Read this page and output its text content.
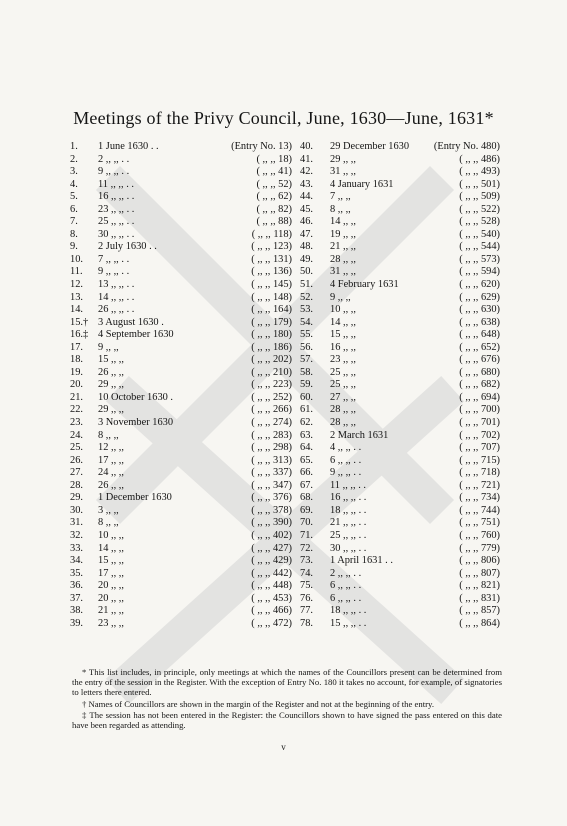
Meetings of the Privy Council, June, 1630—June, 1631*
1. 1 June 1630 . .	(Entry No. 13)
2. 2 ,, ,, . .	( ,, ,, 18)
3. 9 ,, ,, . .	( ,, ,, 41)
4. 11 ,, ,, . .	( ,, ,, 52)
5. 16 ,, ,, . .	( ,, ,, 62)
6. 23 ,, ,, . .	( ,, ,, 82)
7. 25 ,, ,, . .	( ,, ,, 88)
8. 30 ,, ,, . .	( ,, ,, 118)
9. 2 July 1630 . .	( ,, ,, 123)
10. 7 ,, ,, . .	( ,, ,, 131)
11. 9 ,, ,, . .	( ,, ,, 136)
12. 13 ,, ,, . .	( ,, ,, 145)
13. 14 ,, ,, . .	( ,, ,, 148)
14. 26 ,, ,, . .	( ,, ,, 164)
15.† 3 August 1630 .	( ,, ,, 179)
16.‡ 4 September 1630	( ,, ,, 180)
17. 9 ,, ,,	( ,, ,, 186)
18. 15 ,, ,,	( ,, ,, 202)
19. 26 ,, ,,	( ,, ,, 210)
20. 29 ,, ,,	( ,, ,, 223)
21. 10 October 1630 .	( ,, ,, 252)
22. 29 ,, ,,	( ,, ,, 266)
23. 3 November 1630	( ,, ,, 274)
24. 8 ,, ,,	( ,, ,, 283)
25. 12 ,, ,,	( ,, ,, 298)
26. 17 ,, ,,	( ,, ,, 313)
27. 24 ,, ,,	( ,, ,, 337)
28. 26 ,, ,,	( ,, ,, 347)
29. 1 December 1630	( ,, ,, 376)
30. 3 ,, ,,	( ,, ,, 378)
31. 8 ,, ,,	( ,, ,, 390)
32. 10 ,, ,,	( ,, ,, 402)
33. 14 ,, ,,	( ,, ,, 427)
34. 15 ,, ,,	( ,, ,, 429)
35. 17 ,, ,,	( ,, ,, 442)
36. 20 ,, ,,	( ,, ,, 448)
37. 20 ,, ,,	( ,, ,, 453)
38. 21 ,, ,,	( ,, ,, 466)
39. 23 ,, ,,	( ,, ,, 472)
40. 29 December 1630 (Entry No. 480)
41. 29 ,, ,,	( ,, ,, 486)
42. 31 ,, ,,	( ,, ,, 493)
43. 4 January 1631	( ,, ,, 501)
44. 7 ,, ,,	( ,, ,, 509)
45. 8 ,, ,,	( ,, ,, 522)
46. 14 ,, ,,	( ,, ,, 528)
47. 19 ,, ,,	( ,, ,, 540)
48. 21 ,, ,,	( ,, ,, 544)
49. 28 ,, ,,	( ,, ,, 573)
50. 31 ,, ,,	( ,, ,, 594)
51. 4 February 1631	( ,, ,, 620)
52. 9 ,, ,,	( ,, ,, 629)
53. 10 ,, ,,	( ,, ,, 630)
54. 14 ,, ,,	( ,, ,, 638)
55. 15 ,, ,,	( ,, ,, 648)
56. 16 ,, ,,	( ,, ,, 652)
57. 23 ,, ,,	( ,, ,, 676)
58. 25 ,, ,,	( ,, ,, 680)
59. 25 ,, ,,	( ,, ,, 682)
60. 27 ,, ,,	( ,, ,, 694)
61. 28 ,, ,,	( ,, ,, 700)
62. 28 ,, ,,	( ,, ,, 701)
63. 2 March 1631	( ,, ,, 702)
64. 4 ,, ,, . .	( ,, ,, 707)
65. 6 ,, ,, . .	( ,, ,, 715)
66. 9 ,, ,, . .	( ,, ,, 718)
67. 11 ,, ,, . .	( ,, ,, 721)
68. 16 ,, ,, . .	( ,, ,, 734)
69. 18 ,, ,, . .	( ,, ,, 744)
70. 21 ,, ,, . .	( ,, ,, 751)
71. 25 ,, ,, . .	( ,, ,, 760)
72. 30 ,, ,, . .	( ,, ,, 779)
73. 1 April 1631 . .	( ,, ,, 806)
74. 2 ,, ,, . .	( ,, ,, 807)
75. 6 ,, ,, . .	( ,, ,, 821)
76. 6 ,, ,, . .	( ,, ,, 831)
77. 18 ,, ,, . .	( ,, ,, 857)
78. 15 ,, ,, . .	( ,, ,, 864)

* This list includes, in principle, only meetings at which the names of the Councillors present can be determined from the entry of the session in the Register. With the exception of Entry No. 180 it takes no account, for example, of signatories to letters there entered.

† Names of Councillors are shown in the margin of the Register and not at the beginning of the entry.

‡ The session has not been entered in the Register: the Councillors shown to have signed the pass entered on this date have been regarded as attending.

v
